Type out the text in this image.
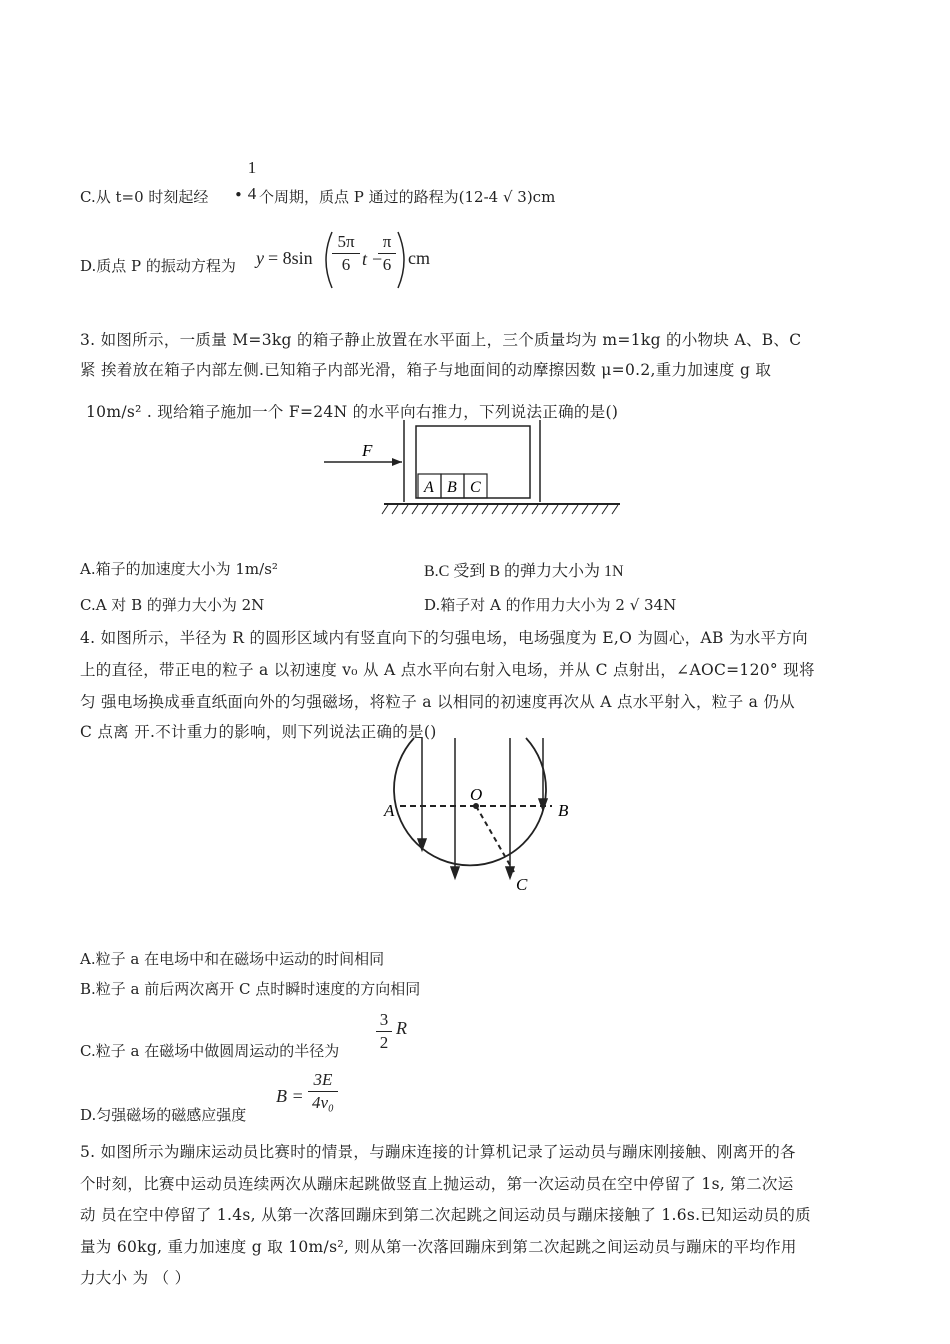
C.从 t=0 时刻起经 •
1
4 个周期，质点 P 通过的路程为(12-4 √ 3)cm
D.质点 P 的振动方程为 y = 8sin
5π
6 t −
π
6 cm
3. 如图所示，一质量 M=3kg 的箱子静止放置在水平面上，三个质量均为 m=1kg 的小物块 A、B、C
紧 挨着放在箱子内部左侧.已知箱子内部光滑，箱子与地面间的动摩擦因数 μ=0.2,重力加速度 g 取
10m/s² . 现给箱子施加一个 F=24N 的水平向右推力，下列说法正确的是()
A B C
F
A.箱子的加速度大小为 1m/s²	B.C 受到 B 的弹力大小为 1N
C.A 对 B 的弹力大小为 2N	D.箱子对 A 的作用力大小为 2 √ 34N
4. 如图所示，半径为 R 的圆形区域内有竖直向下的匀强电场，电场强度为 E,O 为圆心，AB 为水平方向
上的直径，带正电的粒子 a 以初速度 v₀ 从 A 点水平向右射入电场，并从 C 点射出，∠AOC=120° 现将
匀 强电场换成垂直纸面向外的匀强磁场，将粒子 a 以相同的初速度再次从 A 点水平射入，粒子 a 仍从
C 点离 开.不计重力的影响，则下列说法正确的是()
A	B
O
C
A.粒子 a 在电场中和在磁场中运动的时间相同
B.粒子 a 前后两次离开 C 点时瞬时速度的方向相同
C.粒子 a 在磁场中做圆周运动的半径为
3
2
R
D.匀强磁场的磁感应强度
B =
3E
4v₀
5. 如图所示为蹦床运动员比赛时的情景，与蹦床连接的计算机记录了运动员与蹦床刚接触、刚离开的各
个时刻，比赛中运动员连续两次从蹦床起跳做竖直上抛运动，第一次运动员在空中停留了 1s, 第二次运
动 员在空中停留了 1.4s, 从第一次落回蹦床到第二次起跳之间运动员与蹦床接触了 1.6s.已知运动员的质
量为 60kg, 重力加速度 g 取 10m/s², 则从第一次落回蹦床到第二次起跳之间运动员与蹦床的平均作用
力大小 为 （ ）
